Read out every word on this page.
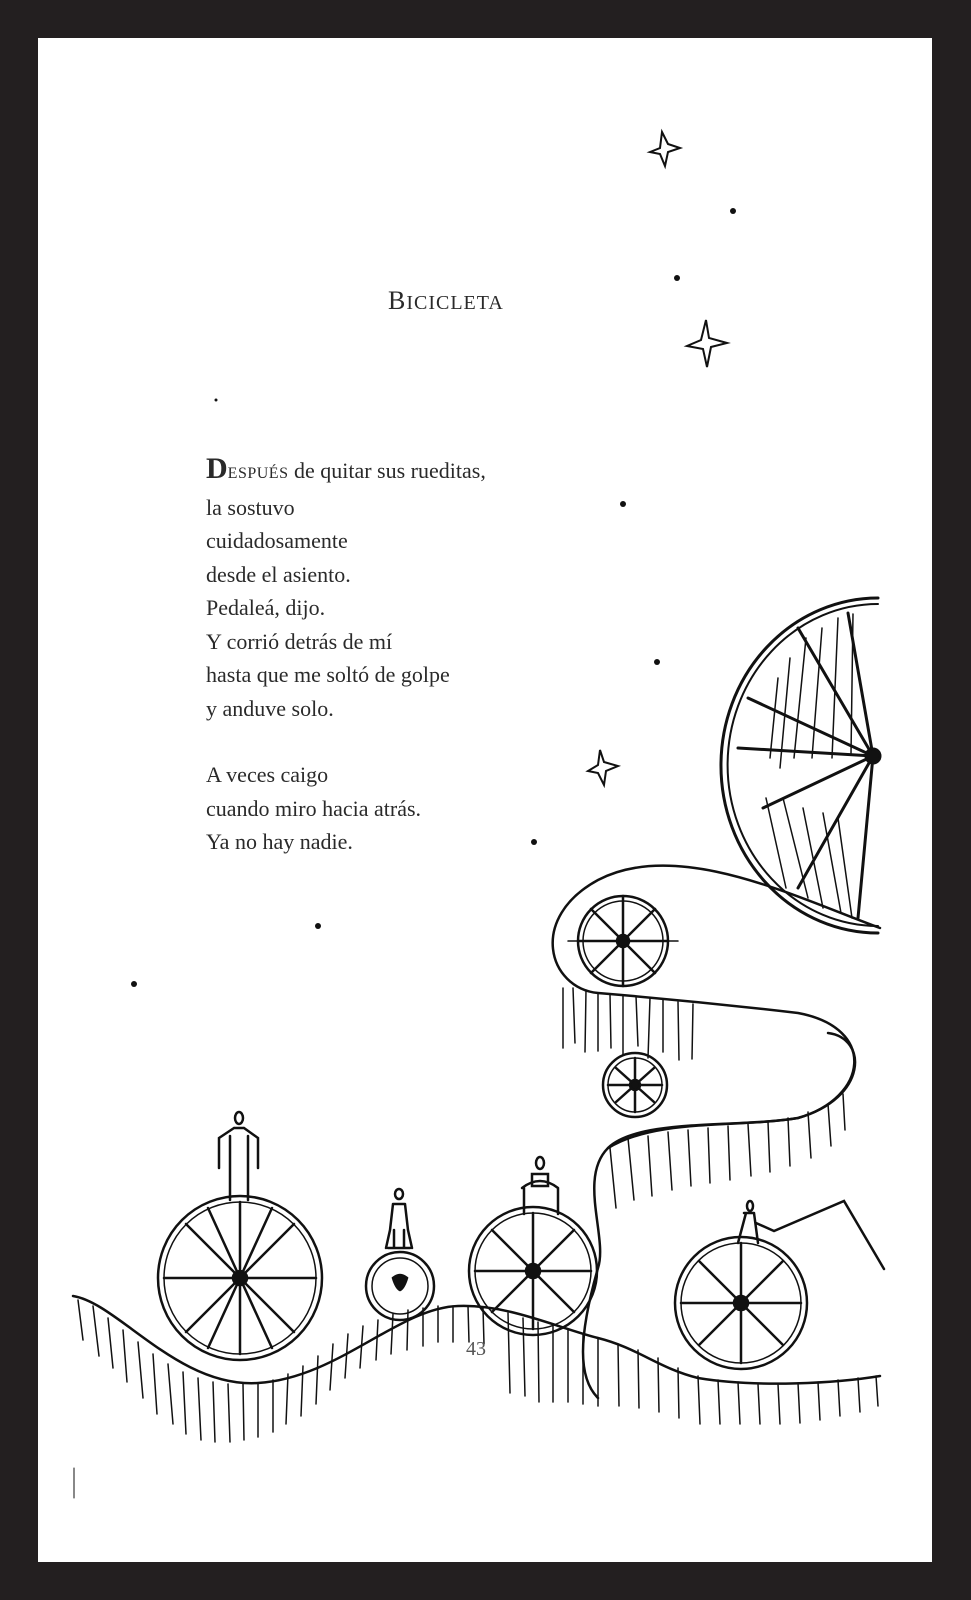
BICICLETA
DESPUÉS de quitar sus rueditas,
la sostuvo
cuidadosamente
desde el asiento.
Pedaleá, dijo.
Y corrió detrás de mí
hasta que me soltó de golpe
y anduve solo.
A veces caigo
cuando miro hacia atrás.
Ya no hay nadie.
43
